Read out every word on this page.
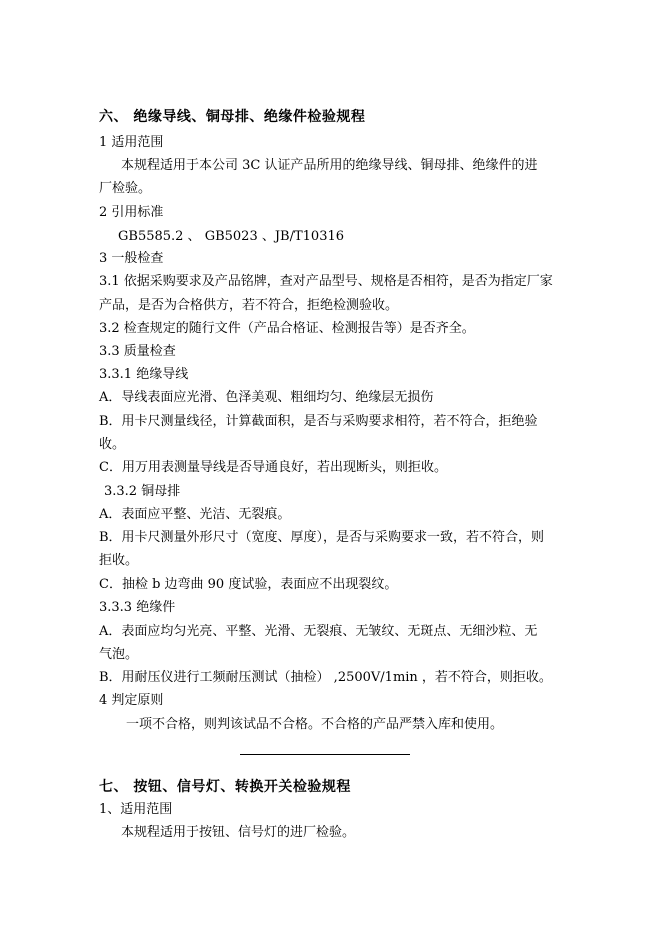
六、 绝缘导线、铜母排、绝缘件检验规程
1 适用范围
本规程适用于本公司 3C 认证产品所用的绝缘导线、铜母排、绝缘件的进
厂检验。
2 引用标准
GB5585.2 、 GB5023 、JB/T10316
3 一般检查
3.1 依据采购要求及产品铭牌，查对产品型号、规格是否相符，是否为指定厂家
产品，是否为合格供方，若不符合，拒绝检测验收。
3.2 检查规定的随行文件（产品合格证、检测报告等）是否齐全。
3.3 质量检查
3.3.1 绝缘导线
A．导线表面应光滑、色泽美观、粗细均匀、绝缘层无损伤
B．用卡尺测量线径，计算截面积，是否与采购要求相符，若不符合，拒绝验
收。
C．用万用表测量导线是否导通良好，若出现断头，则拒收。
3.3.2 铜母排
A．表面应平整、光洁、无裂痕。
B．用卡尺测量外形尺寸（宽度、厚度），是否与采购要求一致，若不符合，则
拒收。
C．抽检 b 边弯曲 90 度试验，表面应不出现裂纹。
3.3.3 绝缘件
A．表面应均匀光亮、平整、光滑、无裂痕、无皱纹、无斑点、无细沙粒、无
气泡。
B．用耐压仪进行工频耐压测试（抽检） ,2500V/1min ，若不符合，则拒收。
4 判定原则
一项不合格，则判该试品不合格。不合格的产品严禁入库和使用。
七、 按钮、信号灯、转换开关检验规程
1、适用范围
本规程适用于按钮、信号灯的进厂检验。
